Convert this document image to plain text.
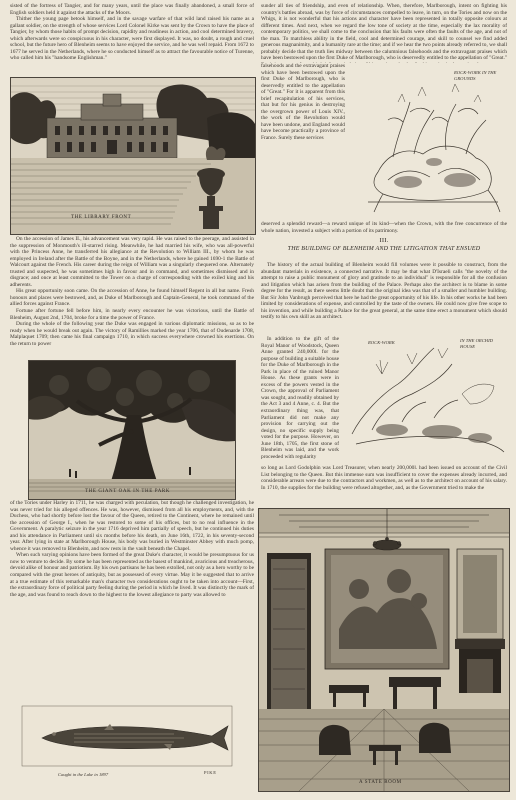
sisted of the fortress of Tangier, and for many years, until the place was finally abandoned, a small force of English soldiers held it against the attacks of the Moors.

Thither the young page betook himself, and in the savage warfare of that wild land raised his name as a gallant soldier, on the strength of whose services Lord Colonel Kirke was sent by the Crown to have the place of Tangier, by whom those habits of prompt decision, rapidity and readiness in action, and cool determined bravery, which afterwards were so conspicuous in his character, were first displayed. It was, no doubt, a rough and cruel school, but the future hero of Blenheim seems to have enjoyed the service, and he was well repaid. From 1672 to 1677 he served in the Netherlands, where he so conducted himself as to attract the favourable notice of Turenne, who called him his "handsome Englishman."

sunder all ties of friendship, and even of relationship. When, therefore, Marlborough, intent on fighting his country's battles abroad, was by force of circumstances compelled to leave, in turn, on the Tories and now on the Whigs, it is not wonderful that his actions and character have been represented in totally opposite colours at different times. And next, when we regard the low tone of society at the time, especially the lax morality of contemporary politics, we shall come to the conclusion that his faults were often the faults of the age, and not of the man. To matchless ability in the field, cool and determined courage, and skill to counsel we find added generous magnanimity, and a humanity rare at the time; and if we hear the two points already referred to, we shall probably decide that the truth lies midway between the calumnious falsehoods and the extravagant praises which have been bestowed upon the first Duke of Marlborough, who is deservedly entitled to the appellation of "Great."

falsehoods and the extravagant praises which have been bestowed upon the first Duke of Marlborough, who is deservedly entitled to the appellation of "Great." For it is apparent from this brief recapitulation of his services, that but for his genius in destroying the overgrown power of Louis XIV., the work of the Revolution would have been undone, and England would have become practically a province of France. Surely these services

deserved a splendid reward—a reward unique of its kind—when the Crown, with the free concurrence of the whole nation, invested a subject with a portion of its patrimony.

ROCK-WORK IN THE GROUNDS
THE LIBRARY FRONT
III.
THE BUILDING OF BLENHEIM AND THE LITIGATION THAT ENSUED

On the accession of James II., his advancement was very rapid. He was raised to the peerage, and assisted in the suppression of Monmouth's ill-starred rising. Meanwhile, he had married his wife, who was all-powerful with the Princess Anne, he transferred his allegiance at the Revolution to William III., by whom he was employed in Ireland after the Battle of the Boyne, and in the Netherlands, where he gained 1690-1 the Battle of Walcourt against the French. His career during the reign of William was a singularly chequered one. Alternately trusted and suspected, he was sometimes high in favour and in command, and sometimes dismissed and in disgrace; and once at least committed to the Tower on a charge of corresponding with the exiled king and his adherents.

His great opportunity soon came. On the accession of Anne, he found himself Regent in all but name. Fresh honours and places were bestowed, and, as Duke of Marlborough and Captain-General, he took command of the allied forces against France.

Fortune after fortune fell before him, in nearly every encounter he was victorious, until the Battle of Blenheim, August 2nd, 1704, broke for a time the power of France.

During the whole of the following year the Duke was engaged in various diplomatic missions, so as to be ready when he would break out again. The victory of Ramillies marked the year 1706, that of Oudenarde 1708, Malplaquet 1709; then came his final campaign 1710, in which success everywhere crowned his exertions. On the return to power

The history of the actual building of Blenheim would fill volumes were it possible to construct, from the abundant materials in existence, a connected narrative. It may be that what D'Israeli calls "the novelty of the attempt to raise a public monument of glory and gratitude to an individual" is responsible for all the confusion and litigation which has arisen from the building of the Palace. Perhaps also the architect is to blame in some degree for the result, as there seems little doubt that the original idea was that of a smaller and humbler building. But Sir John Vanbrugh perceived that here he had the great opportunity of his life. In his other works he had been limited by considerations of expense, and controlled by the taste of the owners. He could now give free scope to his invention, and while building a Palace for the great general, at the same time erect a monument which should testify to his own skill as an architect.

THE GIANT OAK IN THE PARK
ROCK-WORK	IN THE ORCHID HOUSE

In addition to the gift of the Royal Manor of Woodstock, Queen Anne granted 240,000l. for the purpose of building a suitable house for the Duke of Marlborough in the Park in place of the ruined Manor House. As these grants were in excess of the powers vested in the Crown, the approval of Parliament was sought, and readily obtained by the Act 3 and 4 Anne, c. 4. But the extraordinary thing was, that Parliament did not make any provision for carrying out the design, no specific supply being voted for the purpose. However, on June 18th, 1705, the first stone of Blenheim was laid, and the work proceeded with regularity

so long as Lord Godolphin was Lord Treasurer, when nearly 200,000l. had been issued on account of the Civil List belonging to the Queen. But this immense sum was insufficient to cover the expenses already incurred, and considerable arrears were due to the contractors and workmen, as well as to the architect on account of his salary. In 1710, the supplies for the building were refused altogether, and, as the Government tried to make the

of the Tories under Harley in 1711, he was charged with peculation, but though he challenged investigation, he was never tried for his alleged offences. He was, however, dismissed from all his employments, and, with the Duchess, who had shortly before lost the favour of the Queen, retired to the Continent, where he remained until the accession of George I., when he was restored to some of his offices, but to no real influence in the Government. A paralytic seizure in the year 1716 deprived him partially of speech, but he continued his duties and his attendance in Parliament until six months before his death, on June 16th, 1722, in his seventy-second year. After lying in state at Marlborough House, his body was buried in Westminster Abbey with much pomp, whence it was removed to Blenheim, and now rests in the vault beneath the Chapel.

When such varying opinions have been formed of the great Duke's character, it would be presumptuous for us now to venture to decide. By some he has been represented as the basest of mankind, avaricious and treacherous, devoid alike of honour and patriotism. By his own partisans he has been extolled, not only as a hero worthy to be compared with the great heroes of antiquity, but as possessed of every virtue. May it be suggested that to arrive at a true estimate of this remarkable man's character two considerations ought to be taken into account—First, the extraordinary force of political party feeling during the period in which he lived. It was distinctly the mark of the age, and was found to reach down to the highest to the lowest allegiance to party was allowed to

Caught in the Lake in 1897	PIKE
A STATE ROOM
